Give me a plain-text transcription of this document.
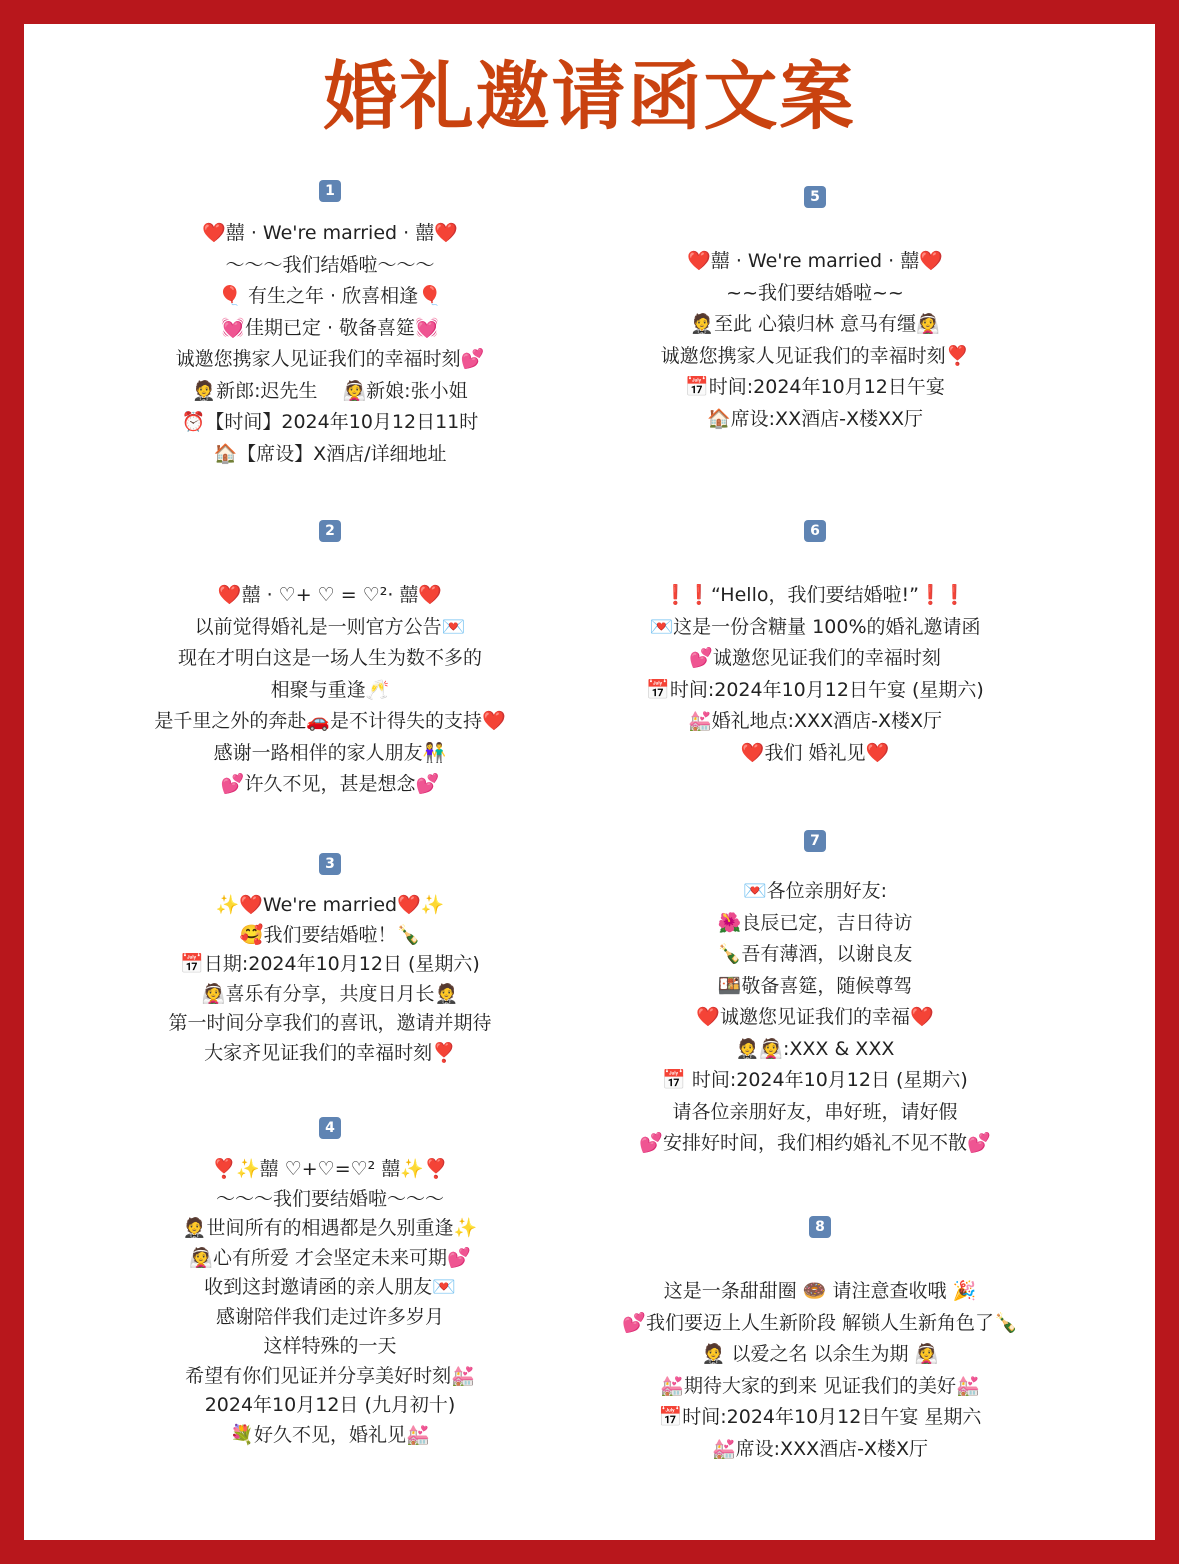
婚礼邀请函文案
1
❤️囍 · We're married · 囍❤️
～～～我们结婚啦～～～
🎈 有生之年 · 欣喜相逢🎈
💓佳期已定 · 敬备喜筵💓
诚邀您携家人见证我们的幸福时刻💕
🤵新郎:迟先生 　👰新娘:张小姐
⏰【时间】2024年10月12日11时
🏠【席设】X酒店/详细地址
2
❤️囍 · ♡+ ♡ = ♡²· 囍❤️
以前觉得婚礼是一则官方公告💌
现在才明白这是一场人生为数不多的
相聚与重逢🥂
是千里之外的奔赴🚗是不计得失的支持❤️
感谢一路相伴的家人朋友👫
💕许久不见，甚是想念💕
3
✨❤️We're married❤️✨
🥰我们要结婚啦！🍾
📅日期:2024年10月12日 (星期六)
👰喜乐有分享，共度日月长🤵
第一时间分享我们的喜讯，邀请并期待
大家齐见证我们的幸福时刻❣️
4
❣️✨囍 ♡+♡=♡² 囍✨❣️
～～～我们要结婚啦～～～
🤵世间所有的相遇都是久别重逢✨
👰心有所爱 才会坚定未来可期💕
收到这封邀请函的亲人朋友💌
感谢陪伴我们走过许多岁月
这样特殊的一天
希望有你们见证并分享美好时刻💒
2024年10月12日 (九月初十)
💐好久不见，婚礼见💒
5
❤️囍 · We're married · 囍❤️
~~我们要结婚啦~~
🤵至此 心猿归林 意马有缰👰
诚邀您携家人见证我们的幸福时刻❣️
📅时间:2024年10月12日午宴
🏠席设:XX酒店-X楼XX厅
6
❗❗“Hello，我们要结婚啦!”❗❗
💌这是一份含糖量 100%的婚礼邀请函
💕诚邀您见证我们的幸福时刻
📅时间:2024年10月12日午宴 (星期六)
💒婚礼地点:XXX酒店-X楼X厅
❤️我们 婚礼见❤️
7
💌各位亲朋好友:
🌺良辰已定，吉日待访
🍾吾有薄酒，以谢良友
🍱敬备喜筵，随候尊驾
❤️诚邀您见证我们的幸福❤️
🤵👰:XXX & XXX
📅 时间:2024年10月12日 (星期六)
请各位亲朋好友，串好班，请好假
💕安排好时间，我们相约婚礼不见不散💕
8
这是一条甜甜圈 🍩 请注意查收哦 🎉
💕我们要迈上人生新阶段 解锁人生新角色了🍾
🤵 以爱之名 以余生为期 👰
💒期待大家的到来 见证我们的美好💒
📅时间:2024年10月12日午宴 星期六
💒席设:XXX酒店-X楼X厅
